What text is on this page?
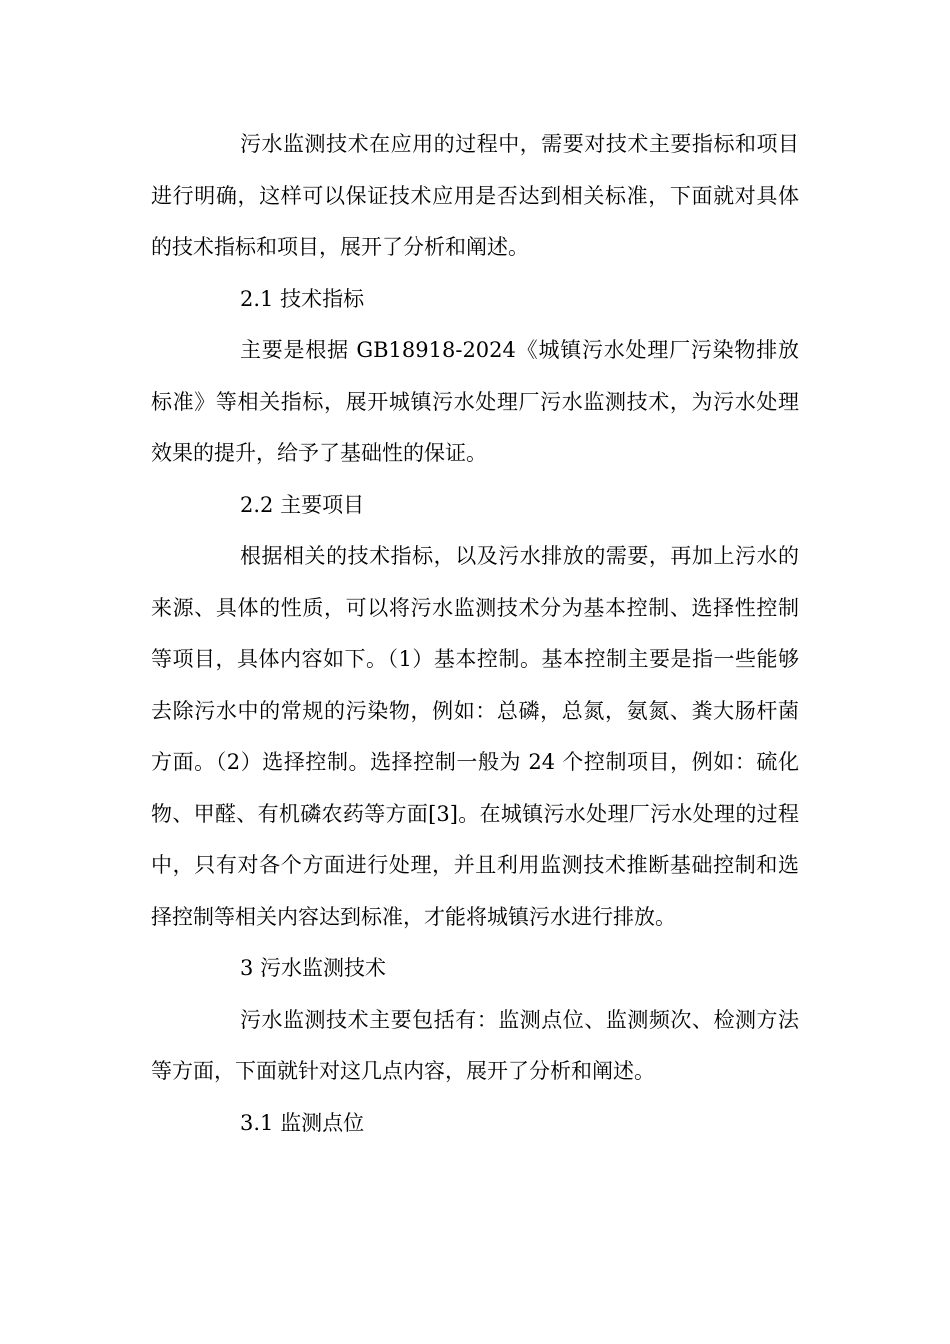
污水监测技术在应用的过程中，需要对技术主要指标和项目进行明确，这样可以保证技术应用是否达到相关标准，下面就对具体的技术指标和项目，展开了分析和阐述。

2.1 技术指标

主要是根据 GB18918-2024《城镇污水处理厂污染物排放标准》等相关指标，展开城镇污水处理厂污水监测技术，为污水处理效果的提升，给予了基础性的保证。

2.2 主要项目

根据相关的技术指标，以及污水排放的需要，再加上污水的来源、具体的性质，可以将污水监测技术分为基本控制、选择性控制等项目，具体内容如下。（1）基本控制。基本控制主要是指一些能够去除污水中的常规的污染物，例如：总磷，总氮，氨氮、粪大肠杆菌方面。（2）选择控制。选择控制一般为 24 个控制项目，例如：硫化物、甲醛、有机磷农药等方面[3]。在城镇污水处理厂污水处理的过程中，只有对各个方面进行处理，并且利用监测技术推断基础控制和选择控制等相关内容达到标准，才能将城镇污水进行排放。

3 污水监测技术

污水监测技术主要包括有：监测点位、监测频次、检测方法等方面，下面就针对这几点内容，展开了分析和阐述。

3.1 监测点位
